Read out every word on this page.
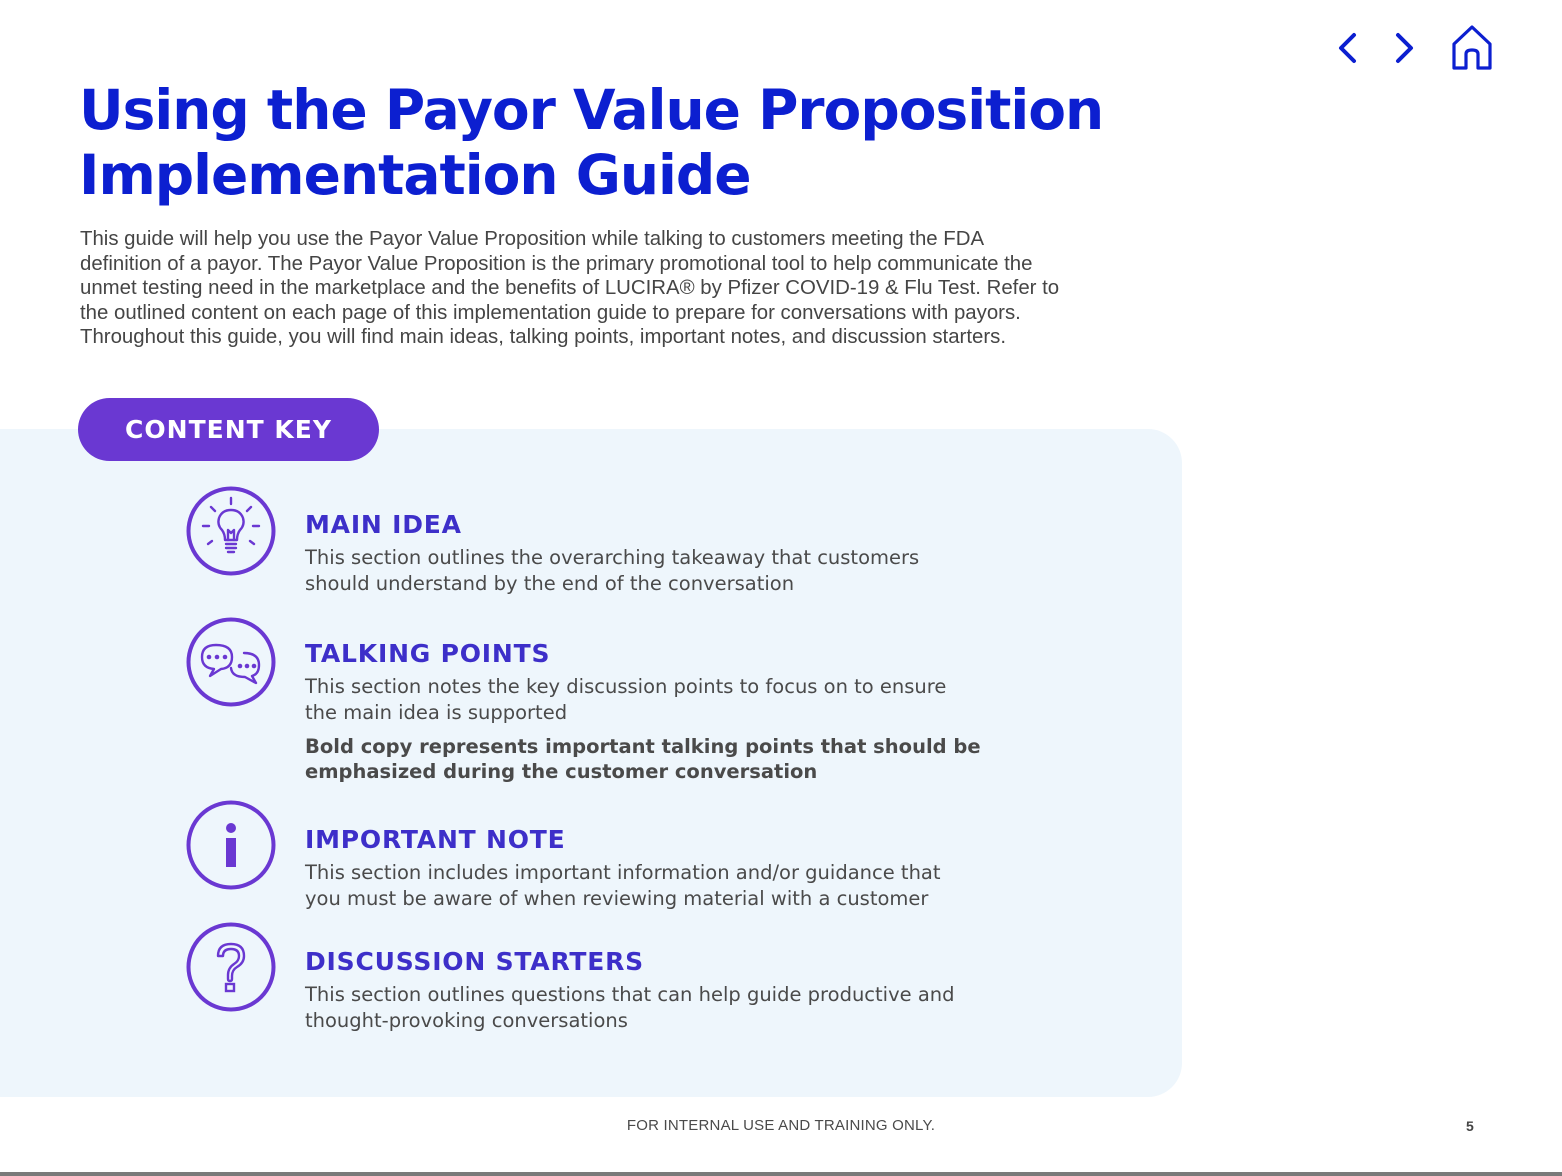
Using the Payor Value Proposition
Implementation Guide

This guide will help you use the Payor Value Proposition while talking to customers meeting the FDA
definition of a payor. The Payor Value Proposition is the primary promotional tool to help communicate the
unmet testing need in the marketplace and the benefits of LUCIRA® by Pfizer COVID-19 & Flu Test. Refer to
the outlined content on each page of this implementation guide to prepare for conversations with payors.
Throughout this guide, you will find main ideas, talking points, important notes, and discussion starters.

CONTENT KEY

MAIN IDEA

This section outlines the overarching takeaway that customers
should understand by the end of the conversation

TALKING POINTS

This section notes the key discussion points to focus on to ensure
the main idea is supported

Bold copy represents important talking points that should be
emphasized during the customer conversation

IMPORTANT NOTE

This section includes important information and/or guidance that
you must be aware of when reviewing material with a customer

DISCUSSION STARTERS

This section outlines questions that can help guide productive and
thought-provoking conversations

FOR INTERNAL USE AND TRAINING ONLY.	5
